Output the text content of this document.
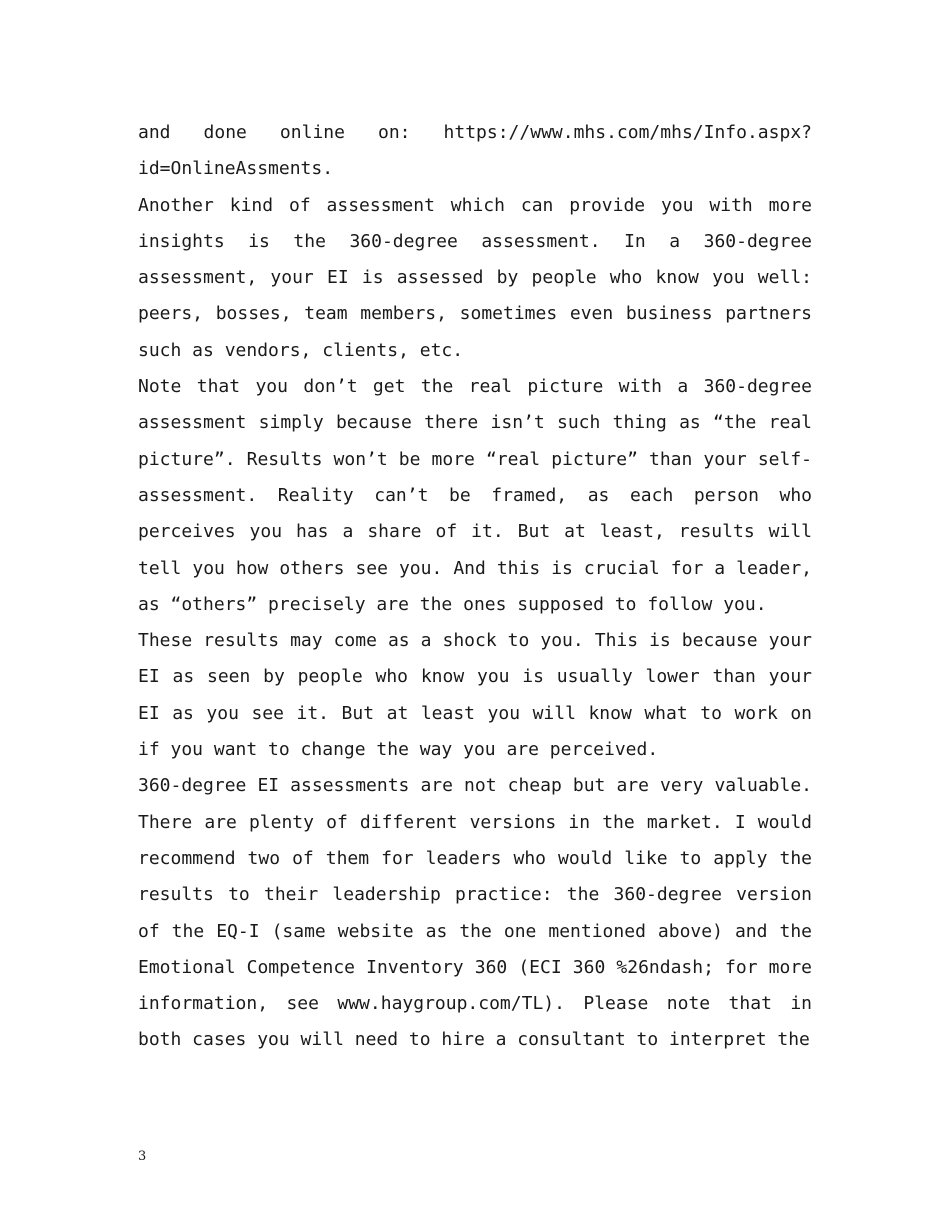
and done online on: https://www.mhs.com/mhs/Info.aspx?

id=OnlineAssments.

Another kind of assessment which can provide you with more insights is the 360-degree assessment. In a 360-degree assessment, your EI is assessed by people who know you well: peers, bosses, team members, sometimes even business partners such as vendors, clients, etc.

Note that you don’t get the real picture with a 360-degree assessment simply because there isn’t such thing as “the real picture”. Results won’t be more “real picture” than your self-assessment. Reality can’t be framed, as each person who perceives you has a share of it. But at least, results will tell you how others see you. And this is crucial for a leader, as “others” precisely are the ones supposed to follow you.

These results may come as a shock to you. This is because your EI as seen by people who know you is usually lower than your EI as you see it. But at least you will know what to work on if you want to change the way you are perceived.

360-degree EI assessments are not cheap but are very valuable. There are plenty of different versions in the market. I would recommend two of them for leaders who would like to apply the results to their leadership practice: the 360-degree version of the EQ-I (same website as the one mentioned above) and the Emotional Competence Inventory 360 (ECI 360 %26ndash; for more information, see www.haygroup.com/TL). Please note that in both cases you will need to hire a consultant to interpret the

3
